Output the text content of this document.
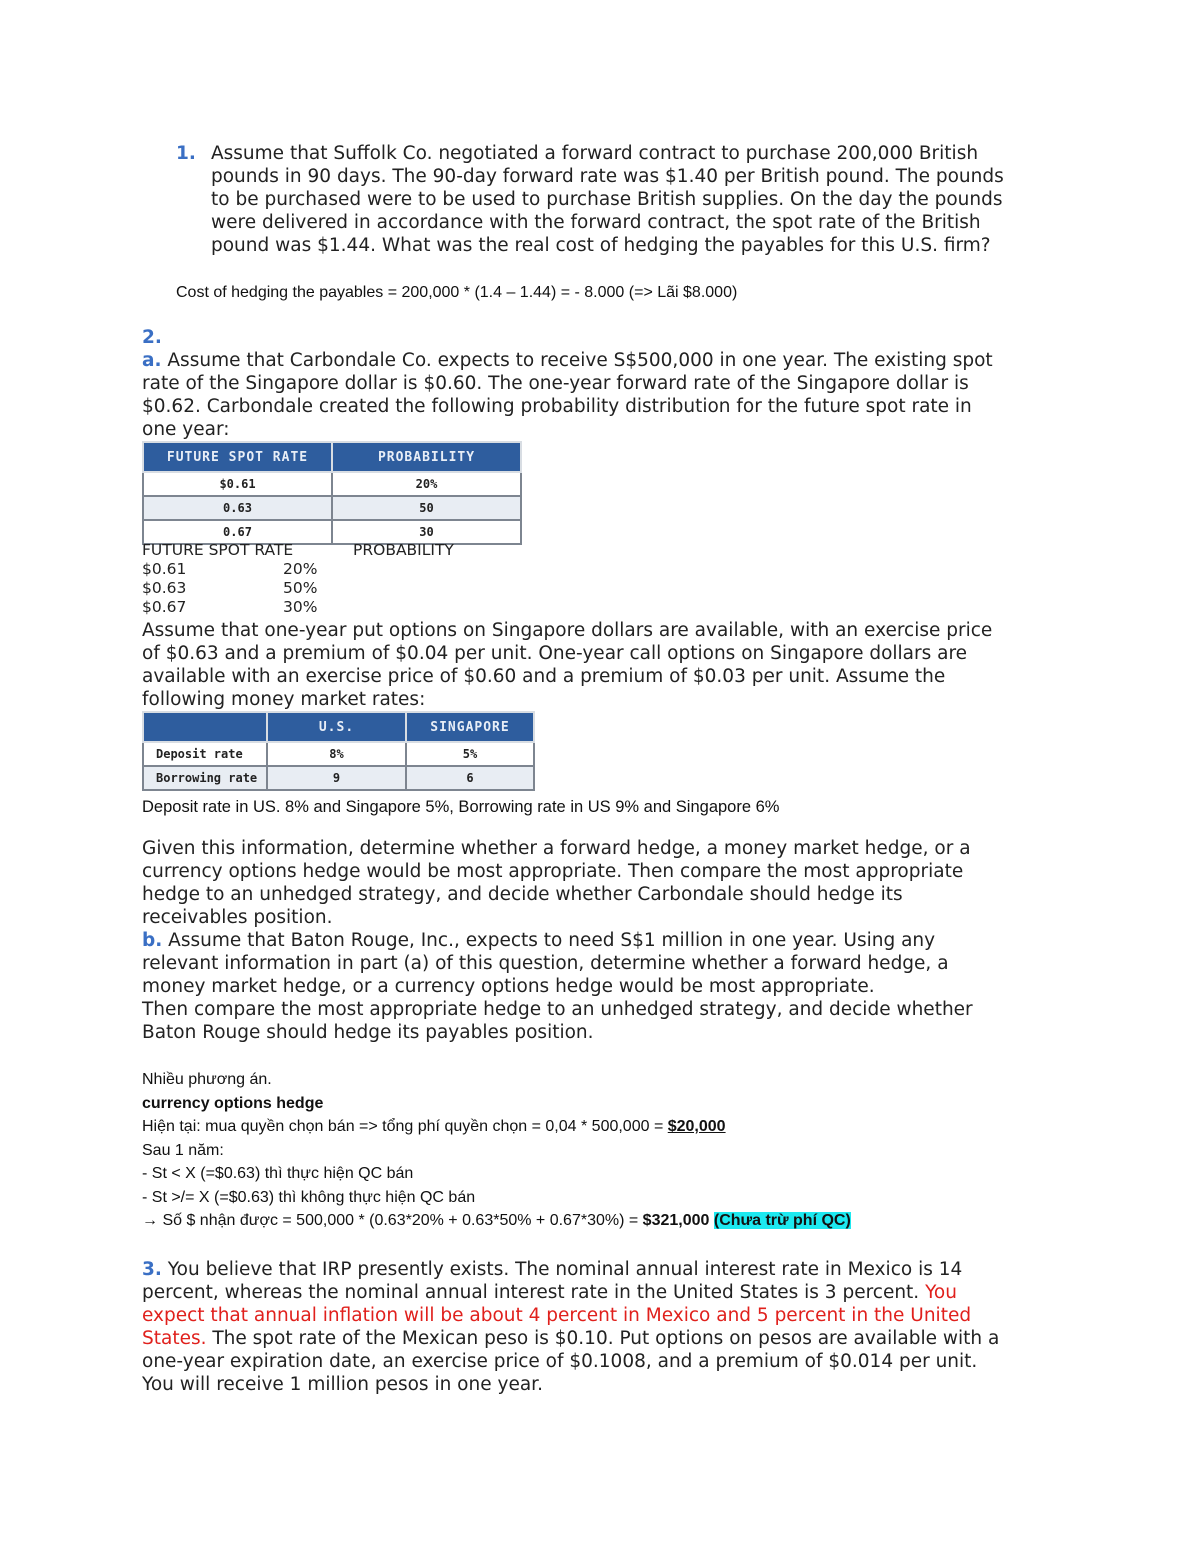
1. Assume that Suffolk Co. negotiated a forward contract to purchase 200,000 British

pounds in 90 days. The 90-day forward rate was $1.40 per British pound. The pounds

to be purchased were to be used to purchase British supplies. On the day the pounds

were delivered in accordance with the forward contract, the spot rate of the British

pound was $1.44. What was the real cost of hedging the payables for this U.S. firm?

Cost of hedging the payables = 200,000 * (1.4 – 1.44) = - 8.000 (=> Lãi $8.000)
2.

a. Assume that Carbondale Co. expects to receive S$500,000 in one year. The existing spot

rate of the Singapore dollar is $0.60. The one-year forward rate of the Singapore dollar is

$0.62. Carbondale created the following probability distribution for the future spot rate in

one year:

FUTURE SPOT RATE	PROBABILITY
$0.61	20%
0.63	50
0.67	30
FUTURE SPOT RATE	PROBABILITY
$0.61	20%
$0.63	50%
$0.67	30%

Assume that one-year put options on Singapore dollars are available, with an exercise price

of $0.63 and a premium of $0.04 per unit. One-year call options on Singapore dollars are

available with an exercise price of $0.60 and a premium of $0.03 per unit. Assume the

following money market rates:

	U.S.	SINGAPORE
Deposit rate	8%	5%
Borrowing rate	9	6
Deposit rate in US. 8% and Singapore 5%, Borrowing rate in US 9% and Singapore 6%

Given this information, determine whether a forward hedge, a money market hedge, or a

currency options hedge would be most appropriate. Then compare the most appropriate

hedge to an unhedged strategy, and decide whether Carbondale should hedge its

receivables position.

b. Assume that Baton Rouge, Inc., expects to need S$1 million in one year. Using any

relevant information in part (a) of this question, determine whether a forward hedge, a

money market hedge, or a currency options hedge would be most appropriate.

Then compare the most appropriate hedge to an unhedged strategy, and decide whether

Baton Rouge should hedge its payables position.

Nhiều phương án.

currency options hedge

Hiện tại: mua quyền chọn bán => tổng phí quyền chọn = 0,04 * 500,000 = $20,000

Sau 1 năm:

- St < X (=$0.63) thì thực hiện QC bán

- St >/= X (=$0.63) thì không thực hiện QC bán

→ Số $ nhận được = 500,000 * (0.63*20% + 0.63*50% + 0.67*30%) = $321,000 (Chưa trừ phí QC)

3. You believe that IRP presently exists. The nominal annual interest rate in Mexico is 14

percent, whereas the nominal annual interest rate in the United States is 3 percent. You

expect that annual inflation will be about 4 percent in Mexico and 5 percent in the United

States. The spot rate of the Mexican peso is $0.10. Put options on pesos are available with a

one-year expiration date, an exercise price of $0.1008, and a premium of $0.014 per unit.

You will receive 1 million pesos in one year.
